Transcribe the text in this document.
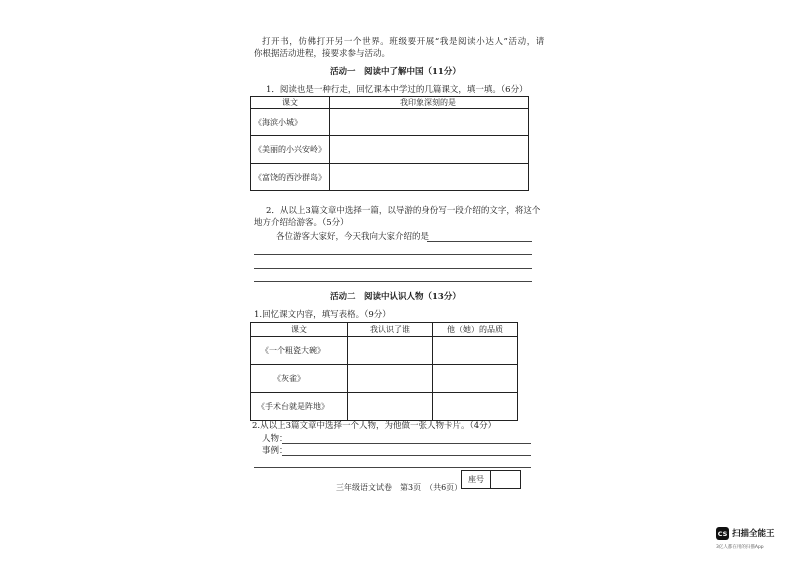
打开书，仿佛打开另一个世界。班级要开展“我是阅读小达人”活动，请
你根据活动进程，接要求参与活动。
活动一　阅读中了解中国（11分）
1．阅读也是一种行走，回忆课本中学过的几篇课文，填一填。（6分）
课文	我印象深刻的是
《海滨小城》	
《美丽的小兴安岭》	
《富饶的西沙群岛》	
2．从以上3篇文章中选择一篇，以导游的身份写一段介绍的文字，将这个
地方介绍给游客。（5分）
各位游客大家好，今天我向大家介绍的是
活动二　阅读中认识人物（13分）
1.回忆课文内容，填写表格。（9分）
课文	我认识了谁	他（她）的品质
《一个粗瓷大碗》		
《灰雀》		
《手术台就是阵地》		
2.从以上3篇文章中选择一个人物，为他做一张人物卡片。（4分）
人物：
事例：
三年级语文试卷　第3页　（共6页）
座号
CS 扫描全能王
3亿人都在用的扫描App
